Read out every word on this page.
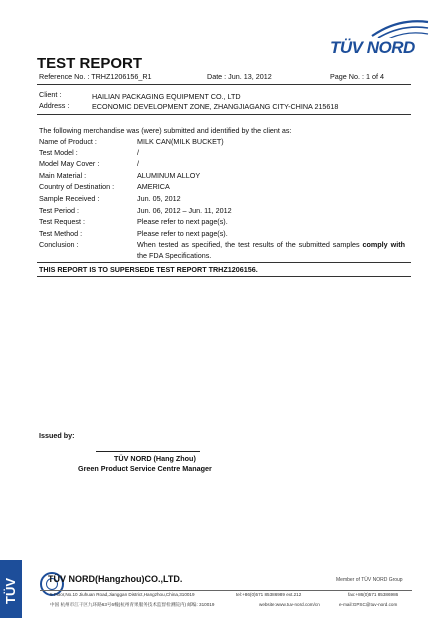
TÜV NORD
TEST REPORT
Reference No. : TRHZ1206156_R1	Date : Jun. 13, 2012	Page No. : 1 of 4
Client :	HAILIAN PACKAGING EQUIPMENT CO., LTD
Address :	ECONOMIC DEVELOPMENT ZONE, ZHANGJIAGANG CITY-CHINA 215618
The following merchandise was (were) submitted and identified by the client as:
Name of Product :	MILK CAN(MILK BUCKET)
Test Model :	/
Model May Cover :	/
Main Material :	ALUMINUM ALLOY
Country of Destination :	AMERICA
Sample Received :	Jun. 05, 2012
Test Period :	Jun. 06, 2012 – Jun. 11, 2012
Test Request :	Please refer to next page(s).
Test Method :	Please refer to next page(s).
Conclusion :	When tested as specified, the test results of the submitted samples comply with the FDA Specifications.
THIS REPORT IS TO SUPERSEDE TEST REPORT TRHZ1206156.
Issued by:
TÜV NORD (Hang Zhou)
Green Product Service Centre Manager
TÜV	TÜV NORD(Hangzhou)CO.,LTD.	Member of TÜV NORD Group
5 Floor,No.10 Jiuhuan Road,Jianggan District,Hangzhou,China,310019	tel:+86(0)571 85386989 ext.212	fax:+86(0)571 85386986
中国 杭州市江干区九环路63号6幢(杭州青果服务技术监督检测院内) 邮编: 310019	website:www.tuv-nord.com/cn	e-mail:GPSC@tuv-nord.com
